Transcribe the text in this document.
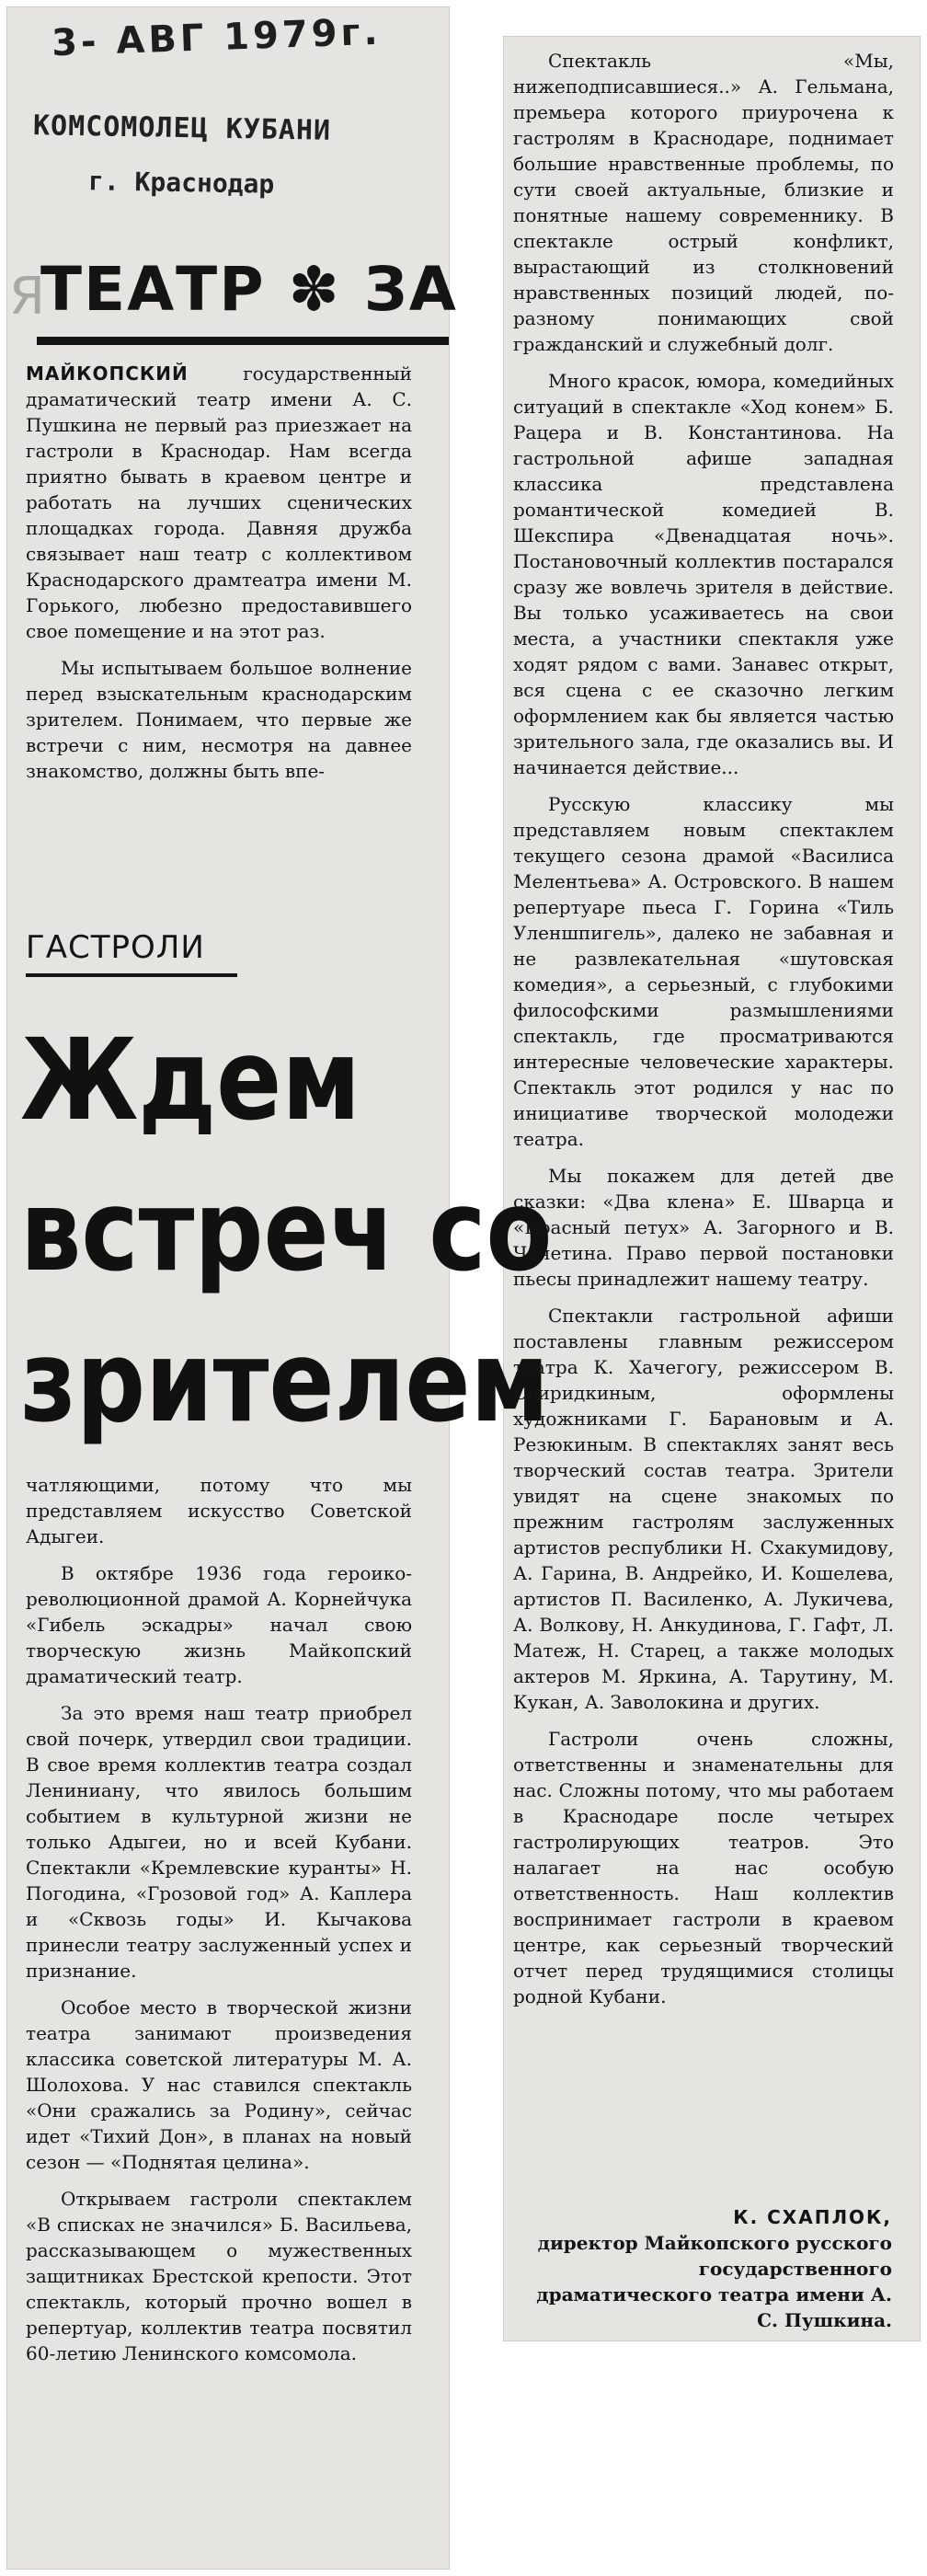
3- АВГ 1979г.
КОМСОМОЛЕЦ КУБАНИ
г. Краснодар
Я
ТЕАТР ✽ ЗА

МАЙКОПСКИЙ государственный драматический театр имени А. С. Пушкина не первый раз приезжает на гастроли в Краснодар. Нам всегда приятно бывать в краевом центре и работать на лучших сценических площадках города. Давняя дружба связывает наш театр с коллективом Краснодарского драмтеатра имени М. Горького, любезно предоставившего свое помещение и на этот раз.

Мы испытываем большое волнение перед взыскательным краснодарским зрителем. Понимаем, что первые же встречи с ним, несмотря на давнее знакомство, должны быть впе-

ГАСТРОЛИ
Ждем
встреч со
зрителем

чатляющими, потому что мы представляем искусство Советской Адыгеи.

В октябре 1936 года героико-революционной драмой А. Корнейчука «Гибель эскадры» начал свою творческую жизнь Майкопский драматический театр.

За это время наш театр приобрел свой почерк, утвердил свои традиции. В свое время коллектив театра создал Лениниану, что явилось большим событием в культурной жизни не только Адыгеи, но и всей Кубани. Спектакли «Кремлевские куранты» Н. Погодина, «Грозовой год» А. Каплера и «Сквозь годы» И. Кычакова принесли театру заслуженный успех и признание.

Особое место в творческой жизни театра занимают произведения классика советской литературы М. А. Шолохова. У нас ставился спектакль «Они сражались за Родину», сейчас идет «Тихий Дон», в планах на новый сезон — «Поднятая целина».

Открываем гастроли спектаклем «В списках не значился» Б. Васильева, рассказывающем о мужественных защитниках Брестской крепости. Этот спектакль, который прочно вошел в репертуар, коллектив театра посвятил 60-летию Ленинского комсомола.

Спектакль «Мы, нижеподписавшиеся..» А. Гельмана, премьера которого приурочена к гастролям в Краснодаре, поднимает большие нравственные проблемы, по сути своей актуальные, близкие и понятные нашему современнику. В спектакле острый конфликт, вырастающий из столкновений нравственных позиций людей, по-разному понимающих свой гражданский и служебный долг.

Много красок, юмора, комедийных ситуаций в спектакле «Ход конем» Б. Рацера и В. Константинова. На гастрольной афише западная классика представлена романтической комедией В. Шекспира «Двенадцатая ночь». Постановочный коллектив постарался сразу же вовлечь зрителя в действие. Вы только усаживаетесь на свои места, а участники спектакля уже ходят рядом с вами. Занавес открыт, вся сцена с ее сказочно легким оформлением как бы является частью зрительного зала, где оказались вы. И начинается действие...

Русскую классику мы представляем новым спектаклем текущего сезона драмой «Василиса Мелентьева» А. Островского. В нашем репертуаре пьеса Г. Горина «Тиль Уленшпигель», далеко не забавная и не развлекательная «шутовская комедия», а серьезный, с глубокими философскими размышлениями спектакль, где просматриваются интересные человеческие характеры. Спектакль этот родился у нас по инициативе творческой молодежи театра.

Мы покажем для детей две сказки: «Два клена» Е. Шварца и «Красный петух» А. Загорного и В. Чечетина. Право первой постановки пьесы принадлежит нашему театру.

Спектакли гастрольной афиши поставлены главным режиссером театра К. Хачегогу, режиссером В. Свиридкиным, оформлены художниками Г. Барановым и А. Резюкиным. В спектаклях занят весь творческий состав театра. Зрители увидят на сцене знакомых по прежним гастролям заслуженных артистов республики Н. Схакумидову, А. Гарина, В. Андрейко, И. Кошелева, артистов П. Василенко, А. Лукичева, А. Волкову, Н. Анкудинова, Г. Гафт, Л. Матеж, Н. Старец, а также молодых актеров М. Яркина, А. Тарутину, М. Кукан, А. Заволокина и других.

Гастроли очень сложны, ответственны и знаменательны для нас. Сложны потому, что мы работаем в Краснодаре после четырех гастролирующих театров. Это налагает на нас особую ответственность. Наш коллектив воспринимает гастроли в краевом центре, как серьезный творческий отчет перед трудящимися столицы родной Кубани.

К. СХАПЛОК,
директор Майкопского русского государственного драматического театра имени А. С. Пушкина.
